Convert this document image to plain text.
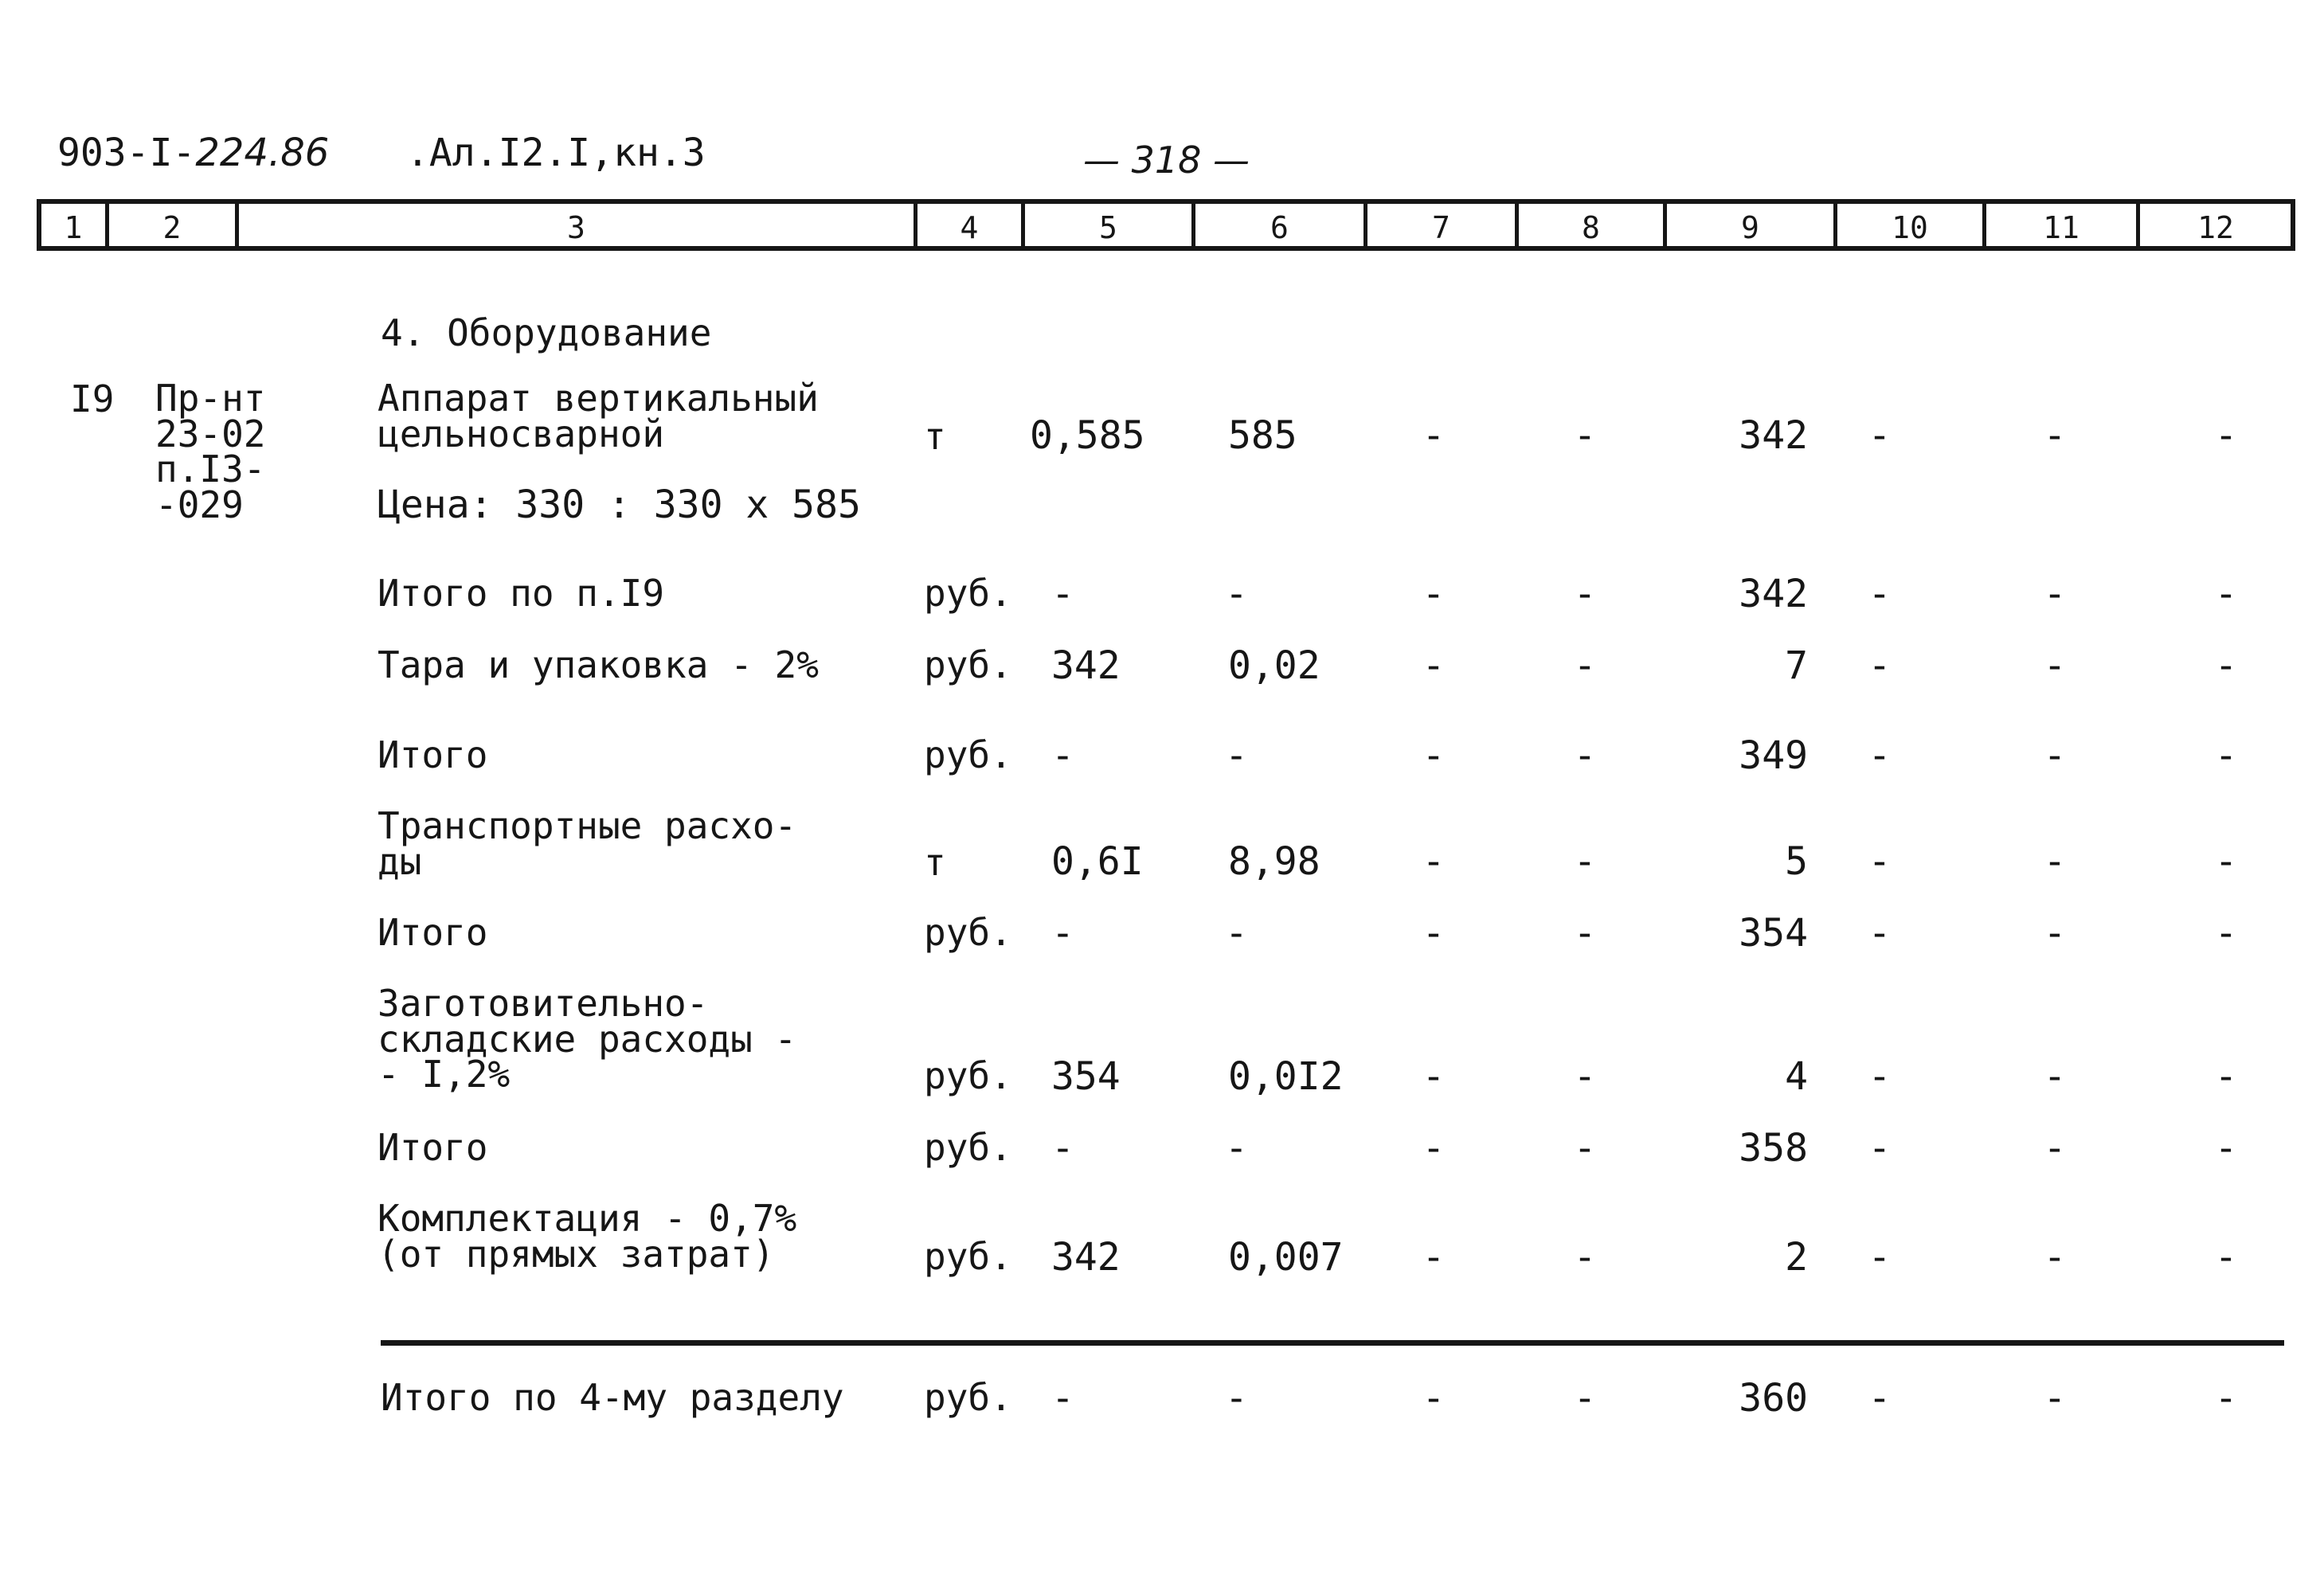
903-I-224.86 .Ал.I2.I,кн.3	— 318 —
1	2	3	4	5	6	7	8	9	10	11	12
4. Оборудование
I9 Пр-нт
23-02
п.I3-
-029
Аппарат вертикальный
цельносварной	т 0,585 585	-	-	342	-	-	-
Цена: 330 : 330 х 585
Итого по п.I9	руб. -	-	-	-	342	-	-	-
Тара и упаковка - 2%	руб. 342	0,02	-	-	7	-	-	-
Итого	руб. -	-	-	-	349	-	-	-
Транспортные расхо-
ды	т	0,6I 8,98	-	-	5	-	-	-
Итого	руб. -	-	-	-	354	-	-	-
Заготовительно-
складские расходы -
- I,2%	руб. 354	0,0I2	-	-	4	-	-	-
Итого	руб. -	-	-	-	358	-	-	-
Комплектация - 0,7%
(от прямых затрат)	руб. 342	0,007	-	-	2	-	-	-
Итого по 4-му разделу руб. -	-	-	-	360	-	-	-
